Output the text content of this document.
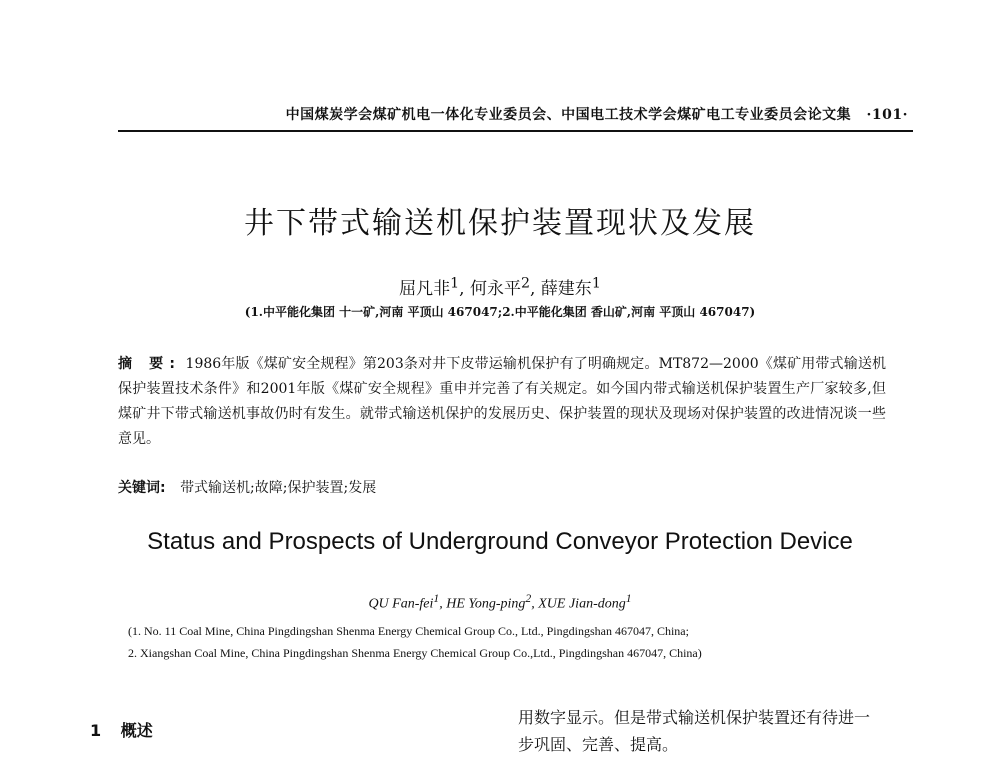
中国煤炭学会煤矿机电一体化专业委员会、中国电工技术学会煤矿电工专业委员会论文集 ·101·
井下带式输送机保护装置现状及发展
屈凡非$^1$, 何永平$^2$, 薛建东$^1$
(1.中平能化集团 十一矿,河南 平顶山 467047;2.中平能化集团 香山矿,河南 平顶山 467047)
摘 要: 1986年版《煤矿安全规程》第203条对井下皮带运输机保护有了明确规定。MT872—2000《煤矿用带式输送机保护装置技术条件》和2001年版《煤矿安全规程》重申并完善了有关规定。如今国内带式输送机保护装置生产厂家较多,但煤矿井下带式输送机事故仍时有发生。就带式输送机保护的发展历史、保护装置的现状及现场对保护装置的改进情况谈一些意见。
关键词: 带式输送机;故障;保护装置;发展
Status and Prospects of Underground Conveyor Protection Device
QU Fan-fei$^1$, HE Yong-ping$^2$, XUE Jian-dong$^1$
(1. No. 11 Coal Mine, China Pingdingshan Shenma Energy Chemical Group Co., Ltd., Pingdingshan 467047, China;
2. Xiangshan Coal Mine, China Pingdingshan Shenma Energy Chemical Group Co.,Ltd., Pingdingshan 467047, China)
1 概述
用数字显示。但是带式输送机保护装置还有待进一
步巩固、完善、提高。
